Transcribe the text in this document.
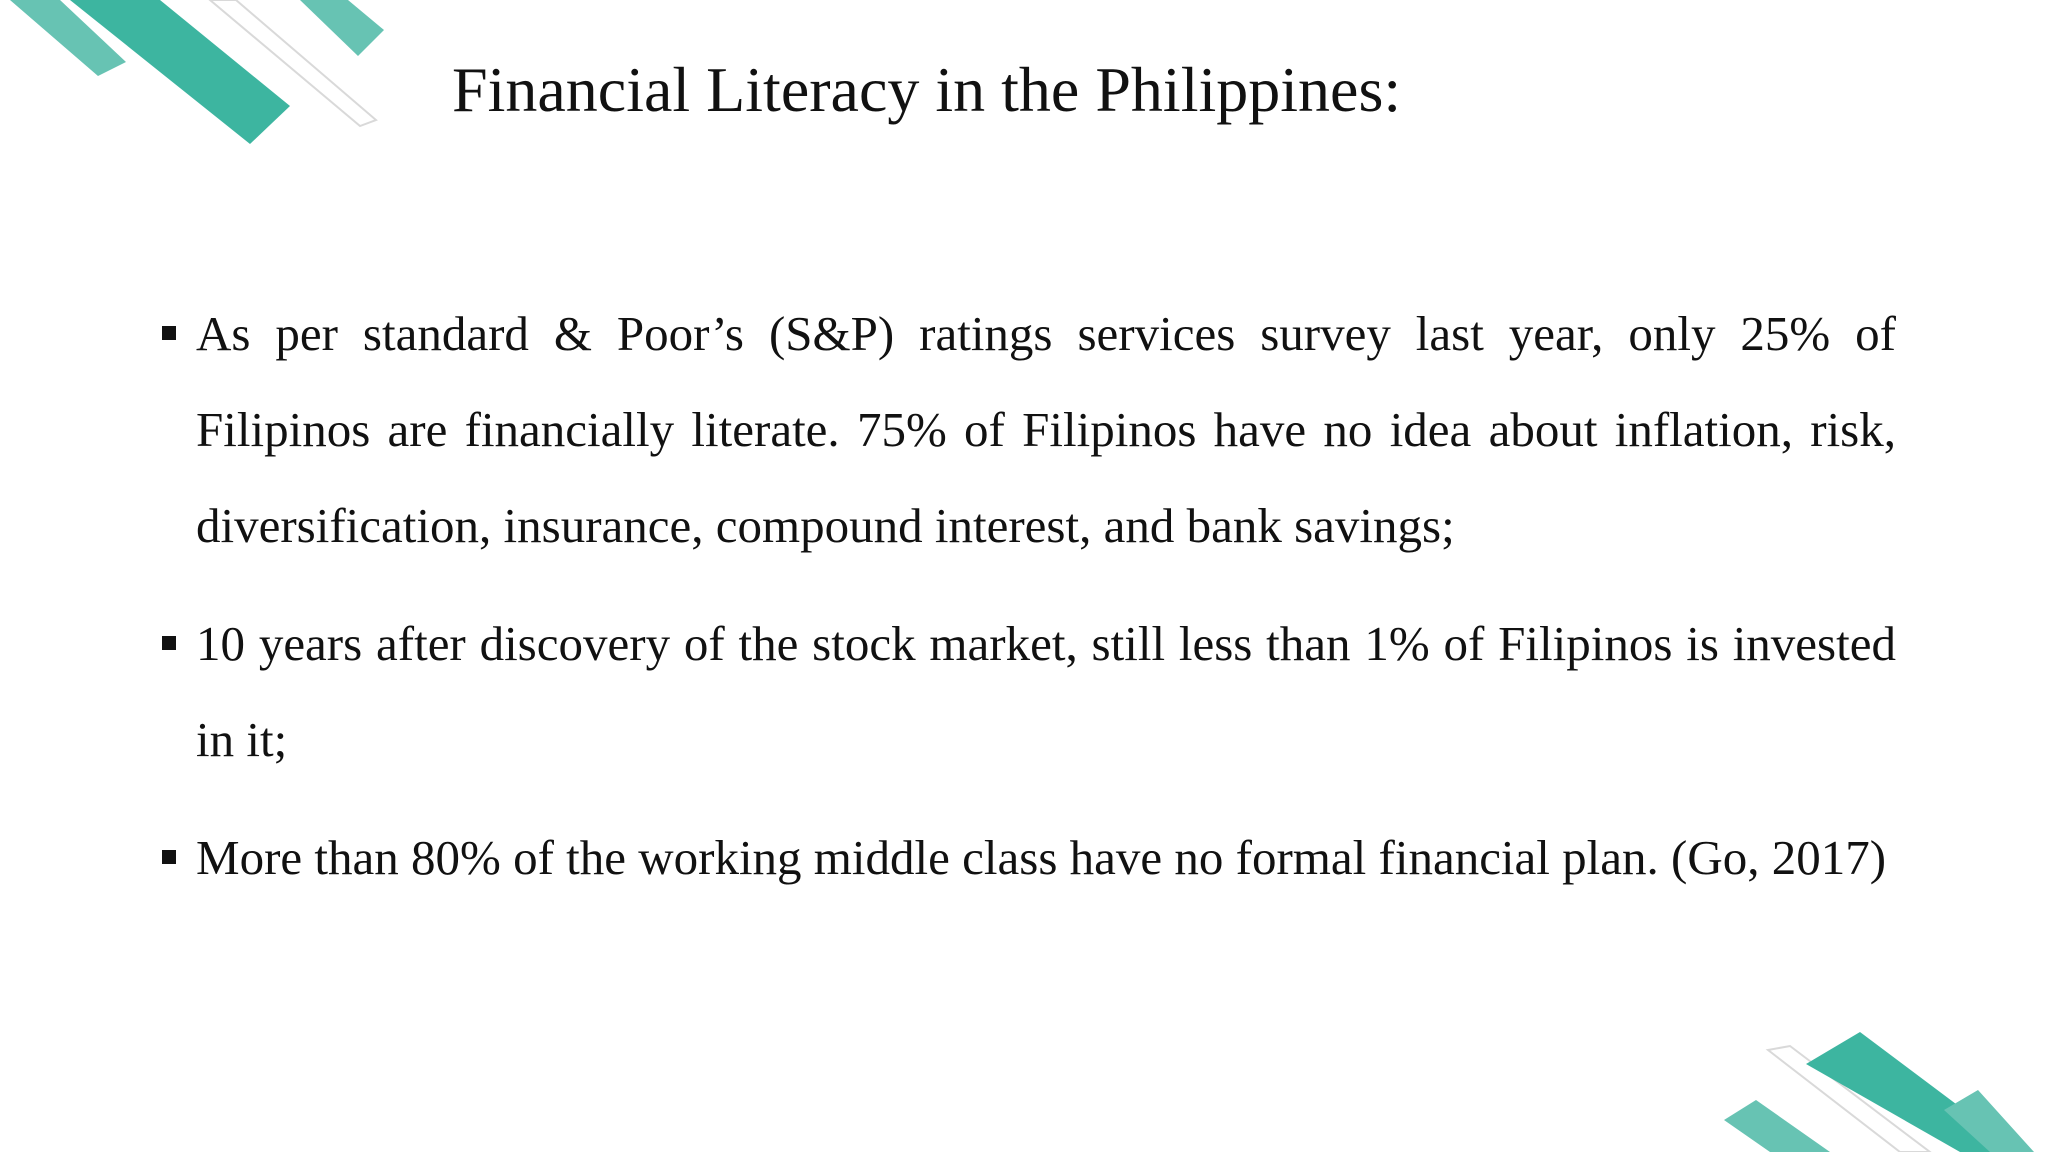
Financial Literacy in the Philippines:
As per standard & Poor’s (S&P) ratings services survey last year, only 25% of Filipinos are financially literate. 75% of Filipinos have no idea about inflation, risk, diversification, insurance, compound interest, and bank savings;
10 years after discovery of the stock market, still less than 1% of Filipinos is invested in it;
More than 80% of the working middle class have no formal financial plan. (Go, 2017)
